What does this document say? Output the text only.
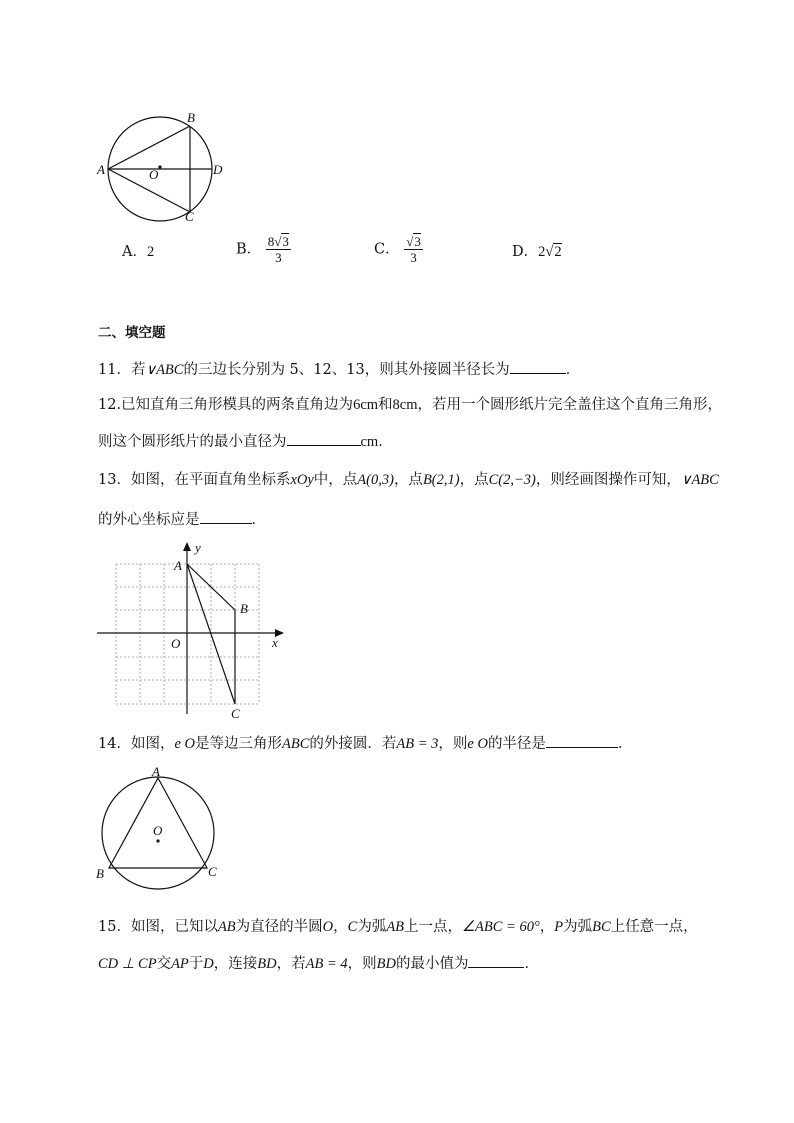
A
B
C
D
O
A．2	B． $\frac{8√3}{3}$	C． $\frac{√3}{3}$	D．2√2
二、填空题
11．若∨ABC的三边长分别为 5、12、13，则其外接圆半径长为	．
12.已知直角三角形模具的两条直角边为6cm和8cm，若用一个圆形纸片完全盖住这个直角三角形，
则这个圆形纸片的最小直径为	cm．
13．如图，在平面直角坐标系xOy中，点A(0,3)，点B(2,1)，点C(2,−3)，则经画图操作可知，∨ABC
的外心坐标应是	．
y
x
O
A
B
C
14．如图，e O是等边三角形ABC的外接圆．若AB = 3，则e O的半径是	．
A
B	C
O
15．如图，已知以AB为直径的半圆O，C为弧AB上一点，∠ABC = 60°，P为弧BC上任意一点，
CD ⊥ CP交AP于D，连接BD，若AB = 4，则BD的最小值为	．
